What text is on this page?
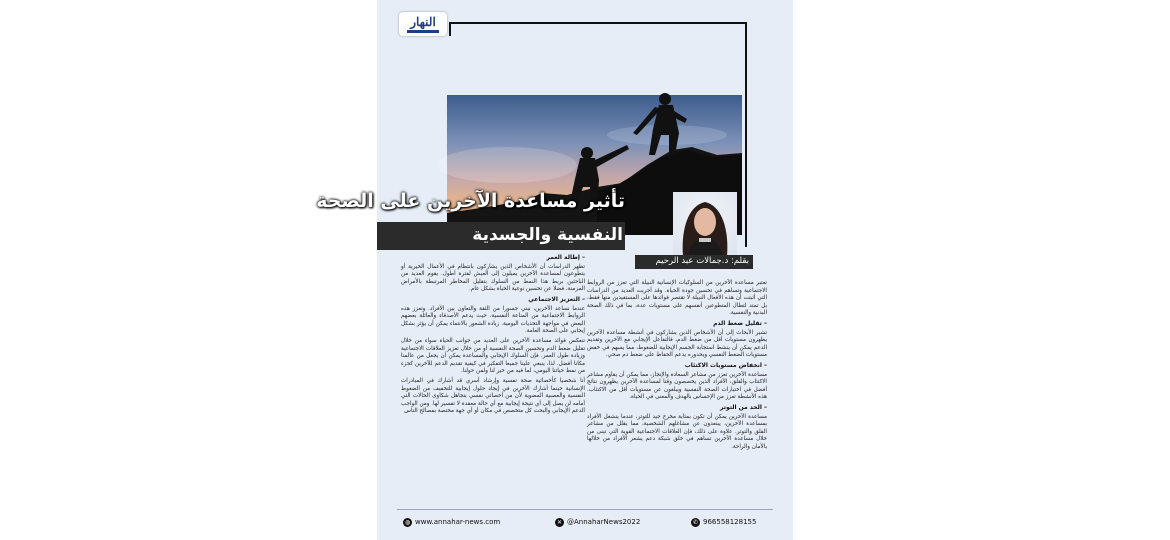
النهار
تأثير مساعدة الآخرين على الصحة
النفسية والجسدية
بقلم: د.جمالات عبد الرحيم

تعتبر مساعدة الآخرين من السلوكيات الإنسانية النبيلة التي تعزز من الروابط الاجتماعية وتساهم في تحسين جودة الحياة. وقد أجريت العديد من الدراسات التي أثبتت أن هذه الأفعال النبيلة لا تقتصر فوائدها على المستفيدين منها فقط، بل تمتد لتطال المتطوعين أنفسهم على مستويات عدة، بما في ذلك الصحة البدنية والنفسية.

– تقليل ضغط الدم

تشير الأبحاث إلى أن الأشخاص الذين يشاركون في أنشطة مساعدة الآخرين يظهرون مستويات أقل من ضغط الدم، فالتفاعل الإيجابي مع الآخرين وتقديم الدعم يمكن أن ينشط استجابة الجسم الإيجابية للضغوط، مما يسهم في خفض مستويات الضغط النفسي ويحدوره يدعم الحفاظ على ضغط دم صحي.

– انخفاض مستويات الاكتئاب

مساعدة الآخرين تعزز من مشاعر السعادة والإنجاز، مما يمكن أن يقاوم مشاعر الاكتئاب والقلق، الأفراد الذين يخصصون وقتا لمساعدة الآخرين يظهرون نتائج أفضل في اختبارات الصحة النفسية ويبلغون عن مستويات أقل من الاكتئاب. هذه الأنشطة تعزز من الإحساس بالهدف والمعنى في الحياة.

– الحد من التوتر

مساعدة الآخرين يمكن أن تكون بمثابة مخرج جيد للتوتر، عندما ينشغل الأفراد بمساعدة الآخرين، يبتعدون عن مشاغلهم الشخصية، مما يقلل من مشاعر القلق والتوتر. علاوة على ذلك، فإن العلاقات الاجتماعية القوية التي تبنى من خلال مساعدة الآخرين تساهم في خلق شبكة دعم يشعر الأفراد من خلالها بالأمان والراحة.

– إطالة العمر

تظهر الدراسات أن الأشخاص الذين يشاركون بانتظام في الأعمال الخيرية أو يتطوعون لمساعدة الآخرين يميلون إلى العيش لفترة أطول. يقوم العديد من الباحثين بربط هذا النمط من السلوك بتقليل المخاطر المرتبطة بالأمراض المزمنة، فضلا عن تحسين نوعية الحياة بشكل عام.

– التعزيز الاجتماعي

عندما نساعد الآخرين، نبني جسورا من الثقة والتعاون بين الأفراد. وتعزز هذه الروابط الاجتماعية من المناعة النفسية، حيث يدعم الأصدقاء والعائلة بعضهم البعض في مواجهة التحديات اليومية. زيادة الشعور بالانتماء يمكن أن يؤثر بشكل إيجابي على الصحة العامة.

تنعكس فوائد مساعدة الآخرين على العديد من جوانب الحياة سواء من خلال تقليل ضغط الدم وتحسين الصحة النفسية أو من خلال تعزيز العلاقات الاجتماعية وزيادة طول العمر. فإن السلوك الإيجابي والمساعدة يمكن أن يجعل من عالمنا مكانا أفضل. لذا، ينبغي علينا جميعا التفكير في كيفية تقديم الدعم للآخرين كجزء من نمط حياتنا اليومي، لما فيه من خير لنا ولمن حولنا.

أنا شخصيا كأخصائية صحة نفسية وإرشاد أسري قد أشارك في المبادرات الإنسانية حينما أشارك الآخرين في إيجاد حلول إيجابية للتخفيف من الضغوط النفسية والعصبية المضوية لأن من أخصائي نفسي يتجاهل شكاوى الحالات التي أمامه لن يصل إلى أي نتيجة إيجابية مع أي حالة معقدة لا تفسير لها. ومن الواجب الدعم الإيجابي والبحث كل متخصص في مكان أو أي جهة مختصة بمصالح الناس

◍ www.annahar-news.com	✕ @AnnaharNews2022	✆ 966558128155
